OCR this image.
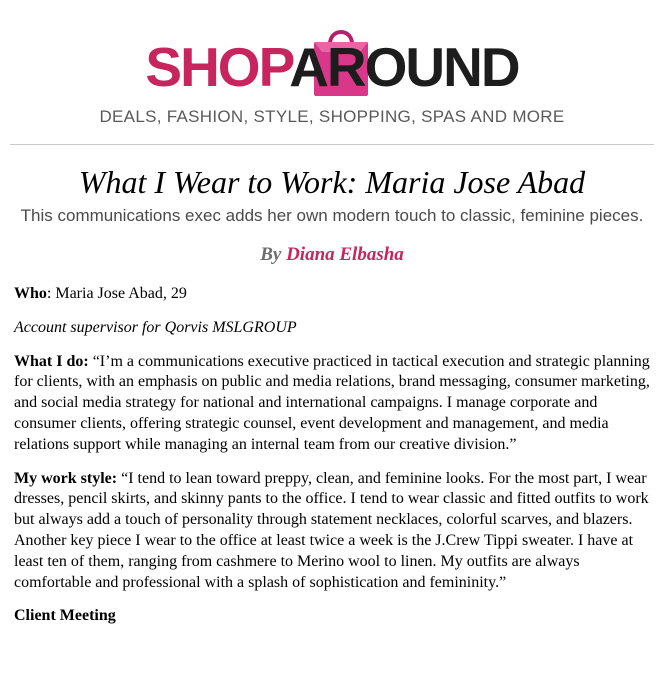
SHOPAROUND
DEALS, FASHION, STYLE, SHOPPING, SPAS AND MORE
What I Wear to Work: Maria Jose Abad

This communications exec adds her own modern touch to classic, feminine pieces.

By Diana Elbasha

Who: Maria Jose Abad, 29

Account supervisor for Qorvis MSLGROUP

What I do: “I’m a communications executive practiced in tactical execution and strategic planning for clients, with an emphasis on public and media relations, brand messaging, consumer marketing, and social media strategy for national and international campaigns. I manage corporate and consumer clients, offering strategic counsel, event development and management, and media relations support while managing an internal team from our creative division.”

My work style: “I tend to lean toward preppy, clean, and feminine looks. For the most part, I wear dresses, pencil skirts, and skinny pants to the office. I tend to wear classic and fitted outfits to work but always add a touch of personality through statement necklaces, colorful scarves, and blazers. Another key piece I wear to the office at least twice a week is the J.Crew Tippi sweater. I have at least ten of them, ranging from cashmere to Merino wool to linen. My outfits are always comfortable and professional with a splash of sophistication and femininity.”

Client Meeting
